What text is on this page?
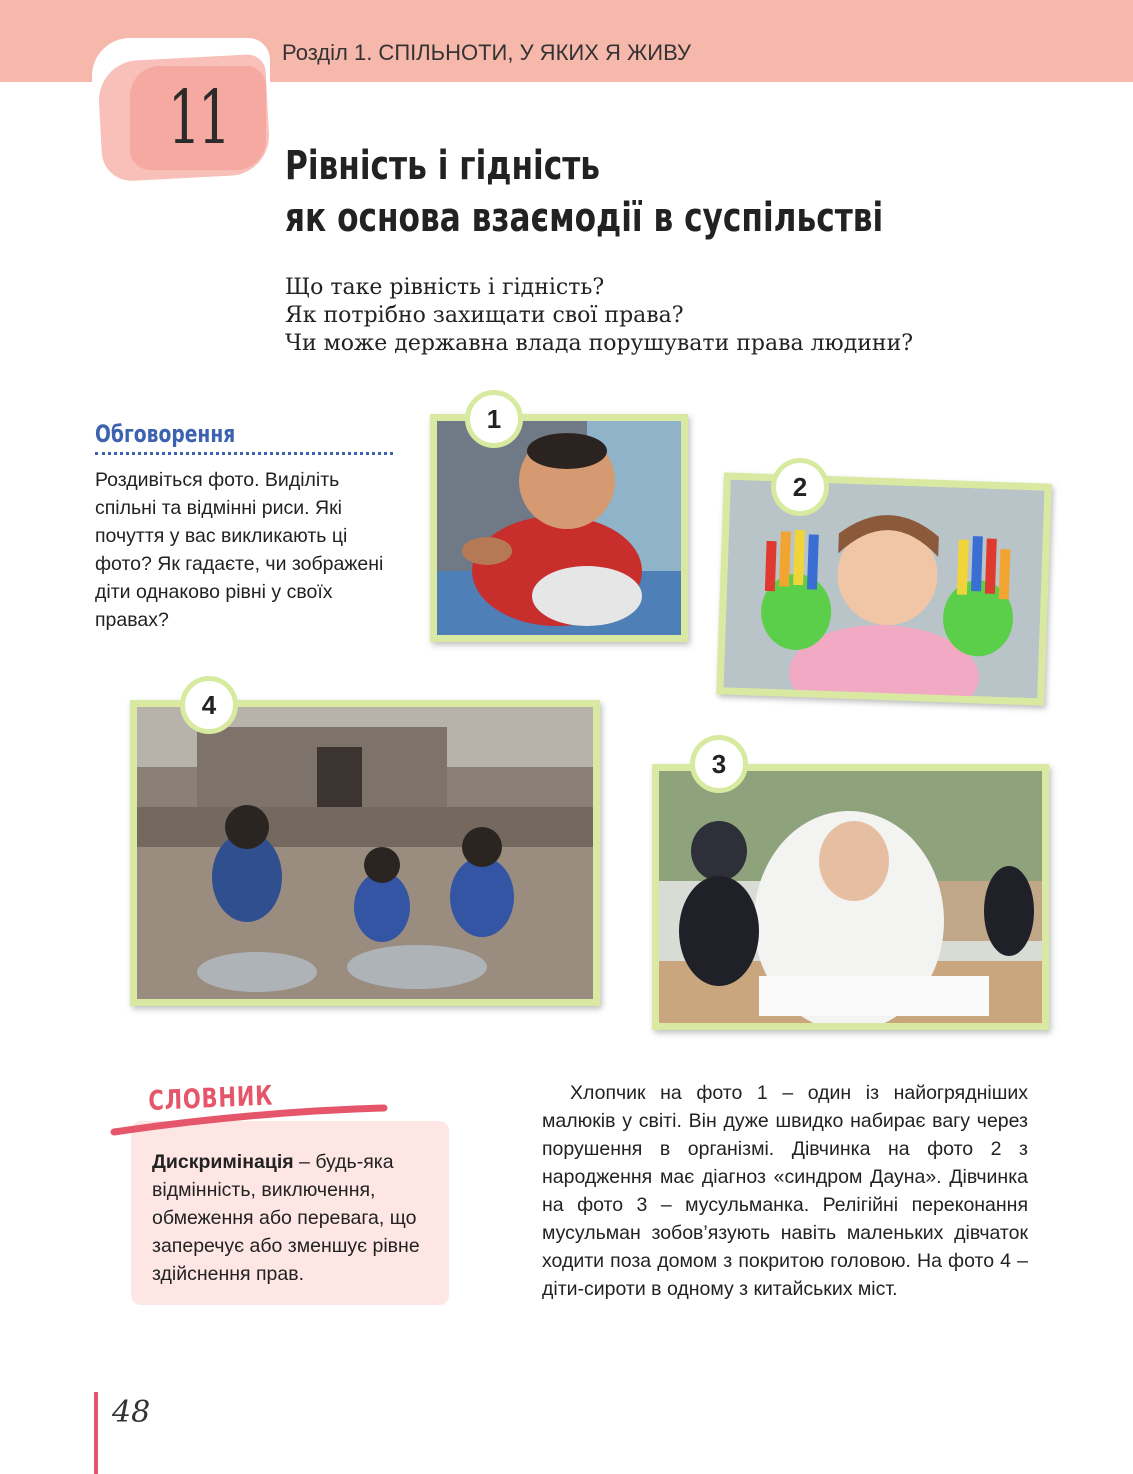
Розділ 1. СПІЛЬНОТИ, У ЯКИХ Я ЖИВУ
11
Рівність і гідність
як основа взаємодії в суспільстві
Що таке рівність і гідність?
Як потрібно захищати свої права?
Чи може державна влада порушувати права людини?
Обговорення
Роздивіться фото. Виділіть спільні та відмінні риси. Які почуття у вас викликають ці фото? Як гадаєте, чи зображені діти однаково рівні у своїх правах?
1
2
4
3
СЛОВНИК
Дискримінація – будь-яка відмінність, виключення, обмеження або перевага, що заперечує або зменшує рівне здійснення прав.
Хлопчик на фото 1 – один із найогрядніших малюків у світі. Він дуже швидко набирає вагу через порушення в організмі. Дівчинка на фото 2 з народження має діагноз «синдром Дауна». Дівчинка на фото 3 – мусульманка. Релігійні переконання мусульман зобов’язують навіть маленьких дівчаток ходити поза домом з покритою головою. На фото 4 – діти-сироти в одному з китайських міст.
48
